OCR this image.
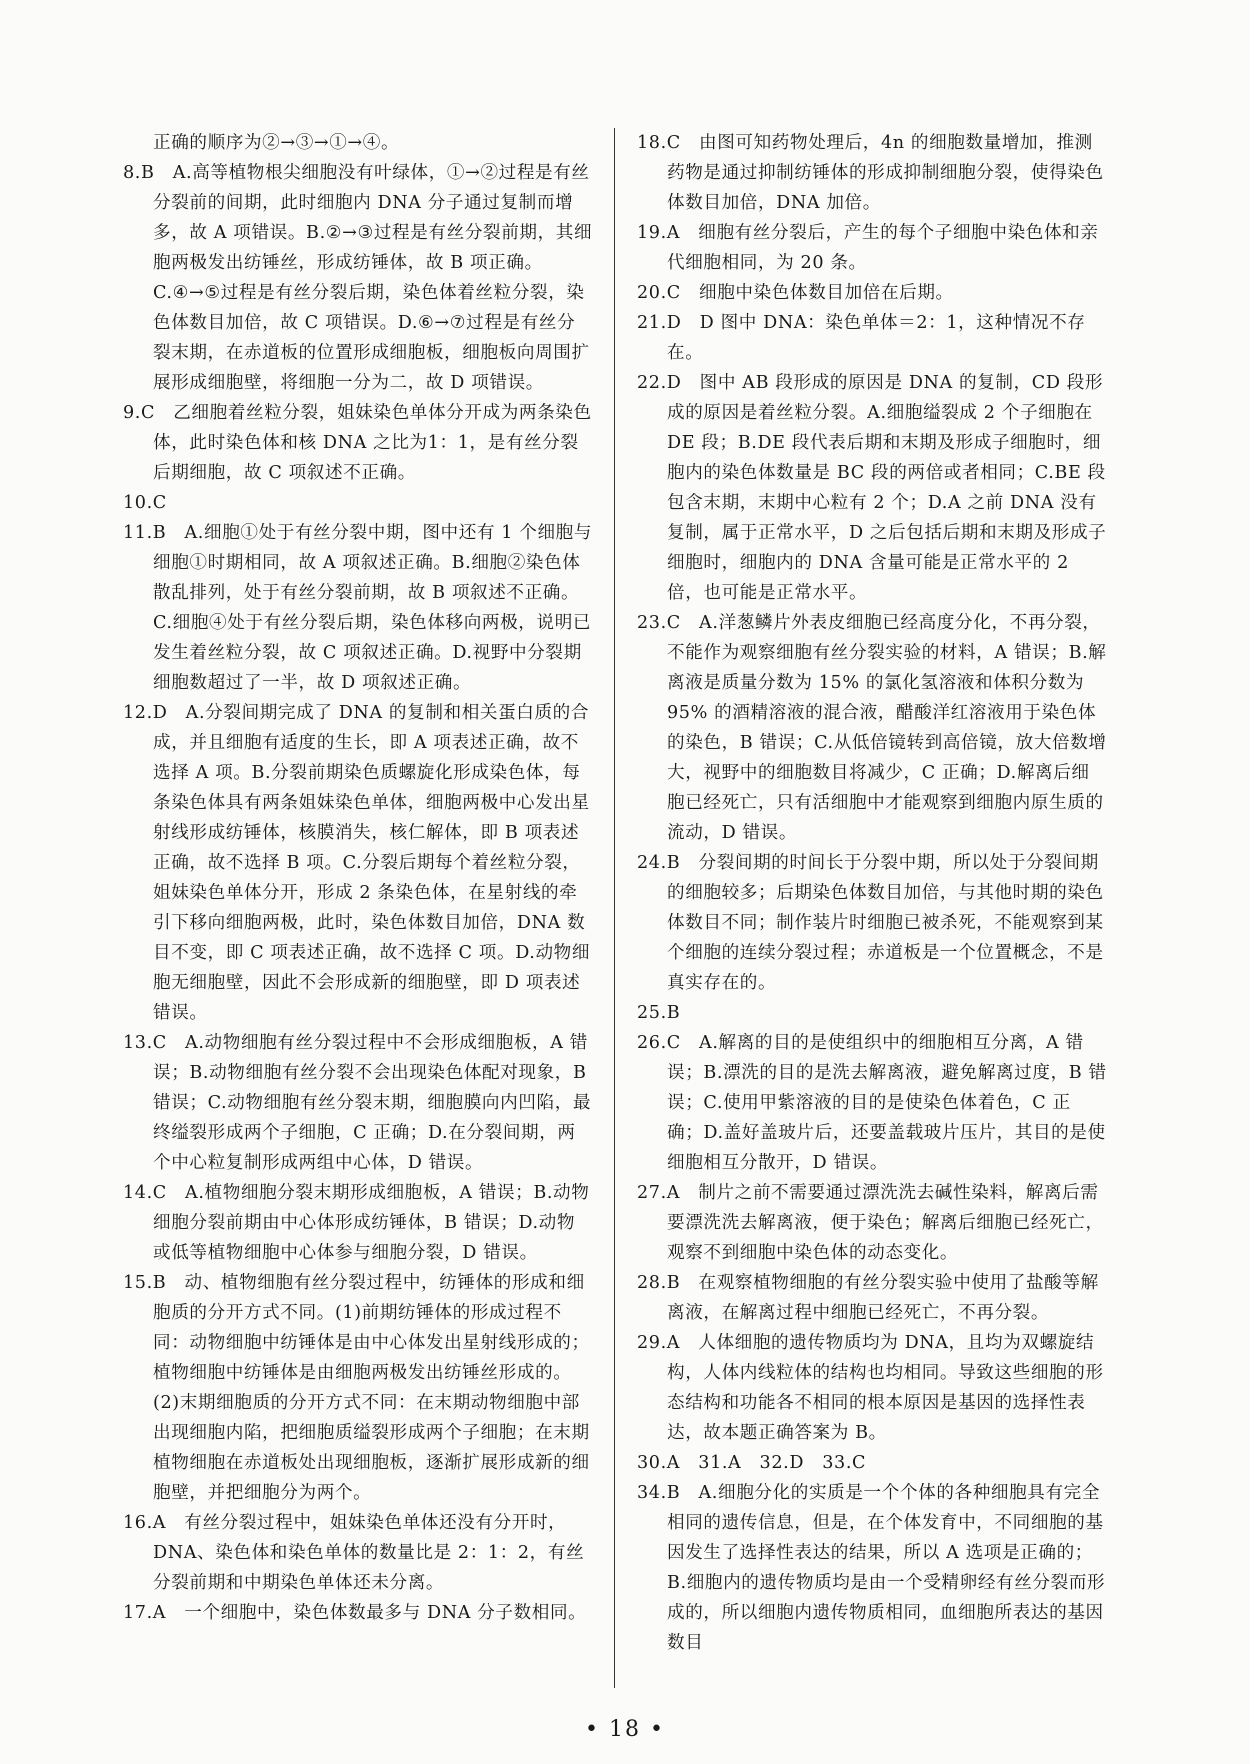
正确的顺序为②→③→①→④。

8.B　A.高等植物根尖细胞没有叶绿体，①→②过程是有丝分裂前的间期，此时细胞内 DNA 分子通过复制而增多，故 A 项错误。B.②→③过程是有丝分裂前期，其细胞两极发出纺锤丝，形成纺锤体，故 B 项正确。C.④→⑤过程是有丝分裂后期，染色体着丝粒分裂，染色体数目加倍，故 C 项错误。D.⑥→⑦过程是有丝分裂末期，在赤道板的位置形成细胞板，细胞板向周围扩展形成细胞壁，将细胞一分为二，故 D 项错误。

9.C　乙细胞着丝粒分裂，姐妹染色单体分开成为两条染色体，此时染色体和核 DNA 之比为1：1，是有丝分裂后期细胞，故 C 项叙述不正确。

10.C

11.B　A.细胞①处于有丝分裂中期，图中还有 1 个细胞与细胞①时期相同，故 A 项叙述正确。B.细胞②染色体散乱排列，处于有丝分裂前期，故 B 项叙述不正确。C.细胞④处于有丝分裂后期，染色体移向两极，说明已发生着丝粒分裂，故 C 项叙述正确。D.视野中分裂期细胞数超过了一半，故 D 项叙述正确。

12.D　A.分裂间期完成了 DNA 的复制和相关蛋白质的合成，并且细胞有适度的生长，即 A 项表述正确，故不选择 A 项。B.分裂前期染色质螺旋化形成染色体，每条染色体具有两条姐妹染色单体，细胞两极中心发出星射线形成纺锤体，核膜消失，核仁解体，即 B 项表述正确，故不选择 B 项。C.分裂后期每个着丝粒分裂，姐妹染色单体分开，形成 2 条染色体，在星射线的牵引下移向细胞两极，此时，染色体数目加倍，DNA 数目不变，即 C 项表述正确，故不选择 C 项。D.动物细胞无细胞壁，因此不会形成新的细胞壁，即 D 项表述错误。

13.C　A.动物细胞有丝分裂过程中不会形成细胞板，A 错误；B.动物细胞有丝分裂不会出现染色体配对现象，B 错误；C.动物细胞有丝分裂末期，细胞膜向内凹陷，最终缢裂形成两个子细胞，C 正确；D.在分裂间期，两个中心粒复制形成两组中心体，D 错误。

14.C　A.植物细胞分裂末期形成细胞板，A 错误；B.动物细胞分裂前期由中心体形成纺锤体，B 错误；D.动物或低等植物细胞中心体参与细胞分裂，D 错误。

15.B　动、植物细胞有丝分裂过程中，纺锤体的形成和细胞质的分开方式不同。(1)前期纺锤体的形成过程不同：动物细胞中纺锤体是由中心体发出星射线形成的；植物细胞中纺锤体是由细胞两极发出纺锤丝形成的。(2)末期细胞质的分开方式不同：在末期动物细胞中部出现细胞内陷，把细胞质缢裂形成两个子细胞；在末期植物细胞在赤道板处出现细胞板，逐渐扩展形成新的细胞壁，并把细胞分为两个。

16.A　有丝分裂过程中，姐妹染色单体还没有分开时，DNA、染色体和染色单体的数量比是 2：1：2，有丝分裂前期和中期染色单体还未分离。

17.A　一个细胞中，染色体数最多与 DNA 分子数相同。

18.C　由图可知药物处理后，4n 的细胞数量增加，推测药物是通过抑制纺锤体的形成抑制细胞分裂，使得染色体数目加倍，DNA 加倍。

19.A　细胞有丝分裂后，产生的每个子细胞中染色体和亲代细胞相同，为 20 条。

20.C　细胞中染色体数目加倍在后期。

21.D　D 图中 DNA：染色单体＝2：1，这种情况不存在。

22.D　图中 AB 段形成的原因是 DNA 的复制，CD 段形成的原因是着丝粒分裂。A.细胞缢裂成 2 个子细胞在 DE 段；B.DE 段代表后期和末期及形成子细胞时，细胞内的染色体数量是 BC 段的两倍或者相同；C.BE 段包含末期，末期中心粒有 2 个；D.A 之前 DNA 没有复制，属于正常水平，D 之后包括后期和末期及形成子细胞时，细胞内的 DNA 含量可能是正常水平的 2 倍，也可能是正常水平。

23.C　A.洋葱鳞片外表皮细胞已经高度分化，不再分裂，不能作为观察细胞有丝分裂实验的材料，A 错误；B.解离液是质量分数为 15% 的氯化氢溶液和体积分数为 95% 的酒精溶液的混合液，醋酸洋红溶液用于染色体的染色，B 错误；C.从低倍镜转到高倍镜，放大倍数增大，视野中的细胞数目将减少，C 正确；D.解离后细胞已经死亡，只有活细胞中才能观察到细胞内原生质的流动，D 错误。

24.B　分裂间期的时间长于分裂中期，所以处于分裂间期的细胞较多；后期染色体数目加倍，与其他时期的染色体数目不同；制作装片时细胞已被杀死，不能观察到某个细胞的连续分裂过程；赤道板是一个位置概念，不是真实存在的。

25.B

26.C　A.解离的目的是使组织中的细胞相互分离，A 错误；B.漂洗的目的是洗去解离液，避免解离过度，B 错误；C.使用甲紫溶液的目的是使染色体着色，C 正确；D.盖好盖玻片后，还要盖载玻片压片，其目的是使细胞相互分散开，D 错误。

27.A　制片之前不需要通过漂洗洗去碱性染料，解离后需要漂洗洗去解离液，便于染色；解离后细胞已经死亡，观察不到细胞中染色体的动态变化。

28.B　在观察植物细胞的有丝分裂实验中使用了盐酸等解离液，在解离过程中细胞已经死亡，不再分裂。

29.A　人体细胞的遗传物质均为 DNA，且均为双螺旋结构，人体内线粒体的结构也均相同。导致这些细胞的形态结构和功能各不相同的根本原因是基因的选择性表达，故本题正确答案为 B。

30.A　31.A　32.D　33.C

34.B　A.细胞分化的实质是一个个体的各种细胞具有完全相同的遗传信息，但是，在个体发育中，不同细胞的基因发生了选择性表达的结果，所以 A 选项是正确的；B.细胞内的遗传物质均是由一个受精卵经有丝分裂而形成的，所以细胞内遗传物质相同，血细胞所表达的基因数目

• 18 •
